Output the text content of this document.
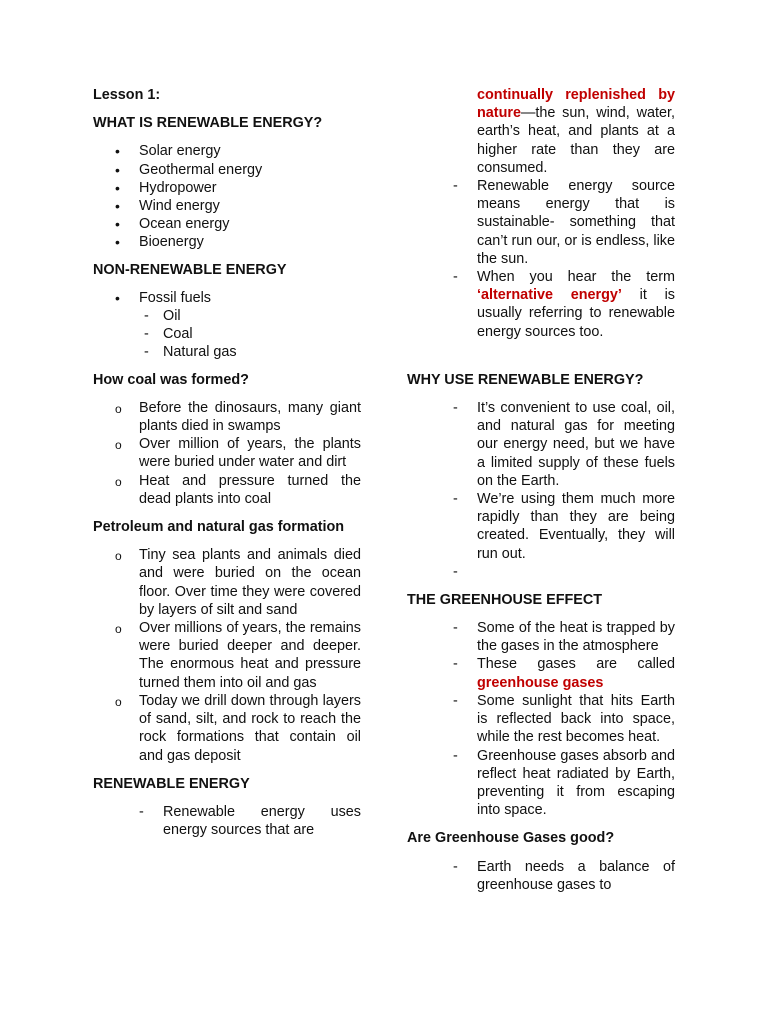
Lesson 1:
WHAT IS RENEWABLE ENERGY?
• Solar energy
• Geothermal energy
• Hydropower
• Wind energy
• Ocean energy
• Bioenergy
NON-RENEWABLE ENERGY
• Fossil fuels
- Oil
- Coal
- Natural gas
How coal was formed?
o Before the dinosaurs, many giant plants died in swamps
o Over million of years, the plants were buried under water and dirt
o Heat and pressure turned the dead plants into coal
Petroleum and natural gas formation
o Tiny sea plants and animals died and were buried on the ocean floor. Over time they were covered by layers of silt and sand
o Over millions of years, the remains were buried deeper and deeper. The enormous heat and pressure turned them into oil and gas
o Today we drill down through layers of sand, silt, and rock to reach the rock formations that contain oil and gas deposit
RENEWABLE ENERGY
- Renewable energy uses energy sources that are
continually replenished by nature—the sun, wind, water, earth’s heat, and plants at a higher rate than they are consumed.
- Renewable energy source means energy that is sustainable- something that can’t run our, or is endless, like the sun.
- When you hear the term ‘alternative energy’ it is usually referring to renewable energy sources too.
WHY USE RENEWABLE ENERGY?
- It’s convenient to use coal, oil, and natural gas for meeting our energy need, but we have a limited supply of these fuels on the Earth.
- We’re using them much more rapidly than they are being created. Eventually, they will run out.
-
THE GREENHOUSE EFFECT
- Some of the heat is trapped by the gases in the atmosphere
- These gases are called greenhouse gases
- Some sunlight that hits Earth is reflected back into space, while the rest becomes heat.
- Greenhouse gases absorb and reflect heat radiated by Earth, preventing it from escaping into space.
Are Greenhouse Gases good?
- Earth needs a balance of greenhouse gases to
